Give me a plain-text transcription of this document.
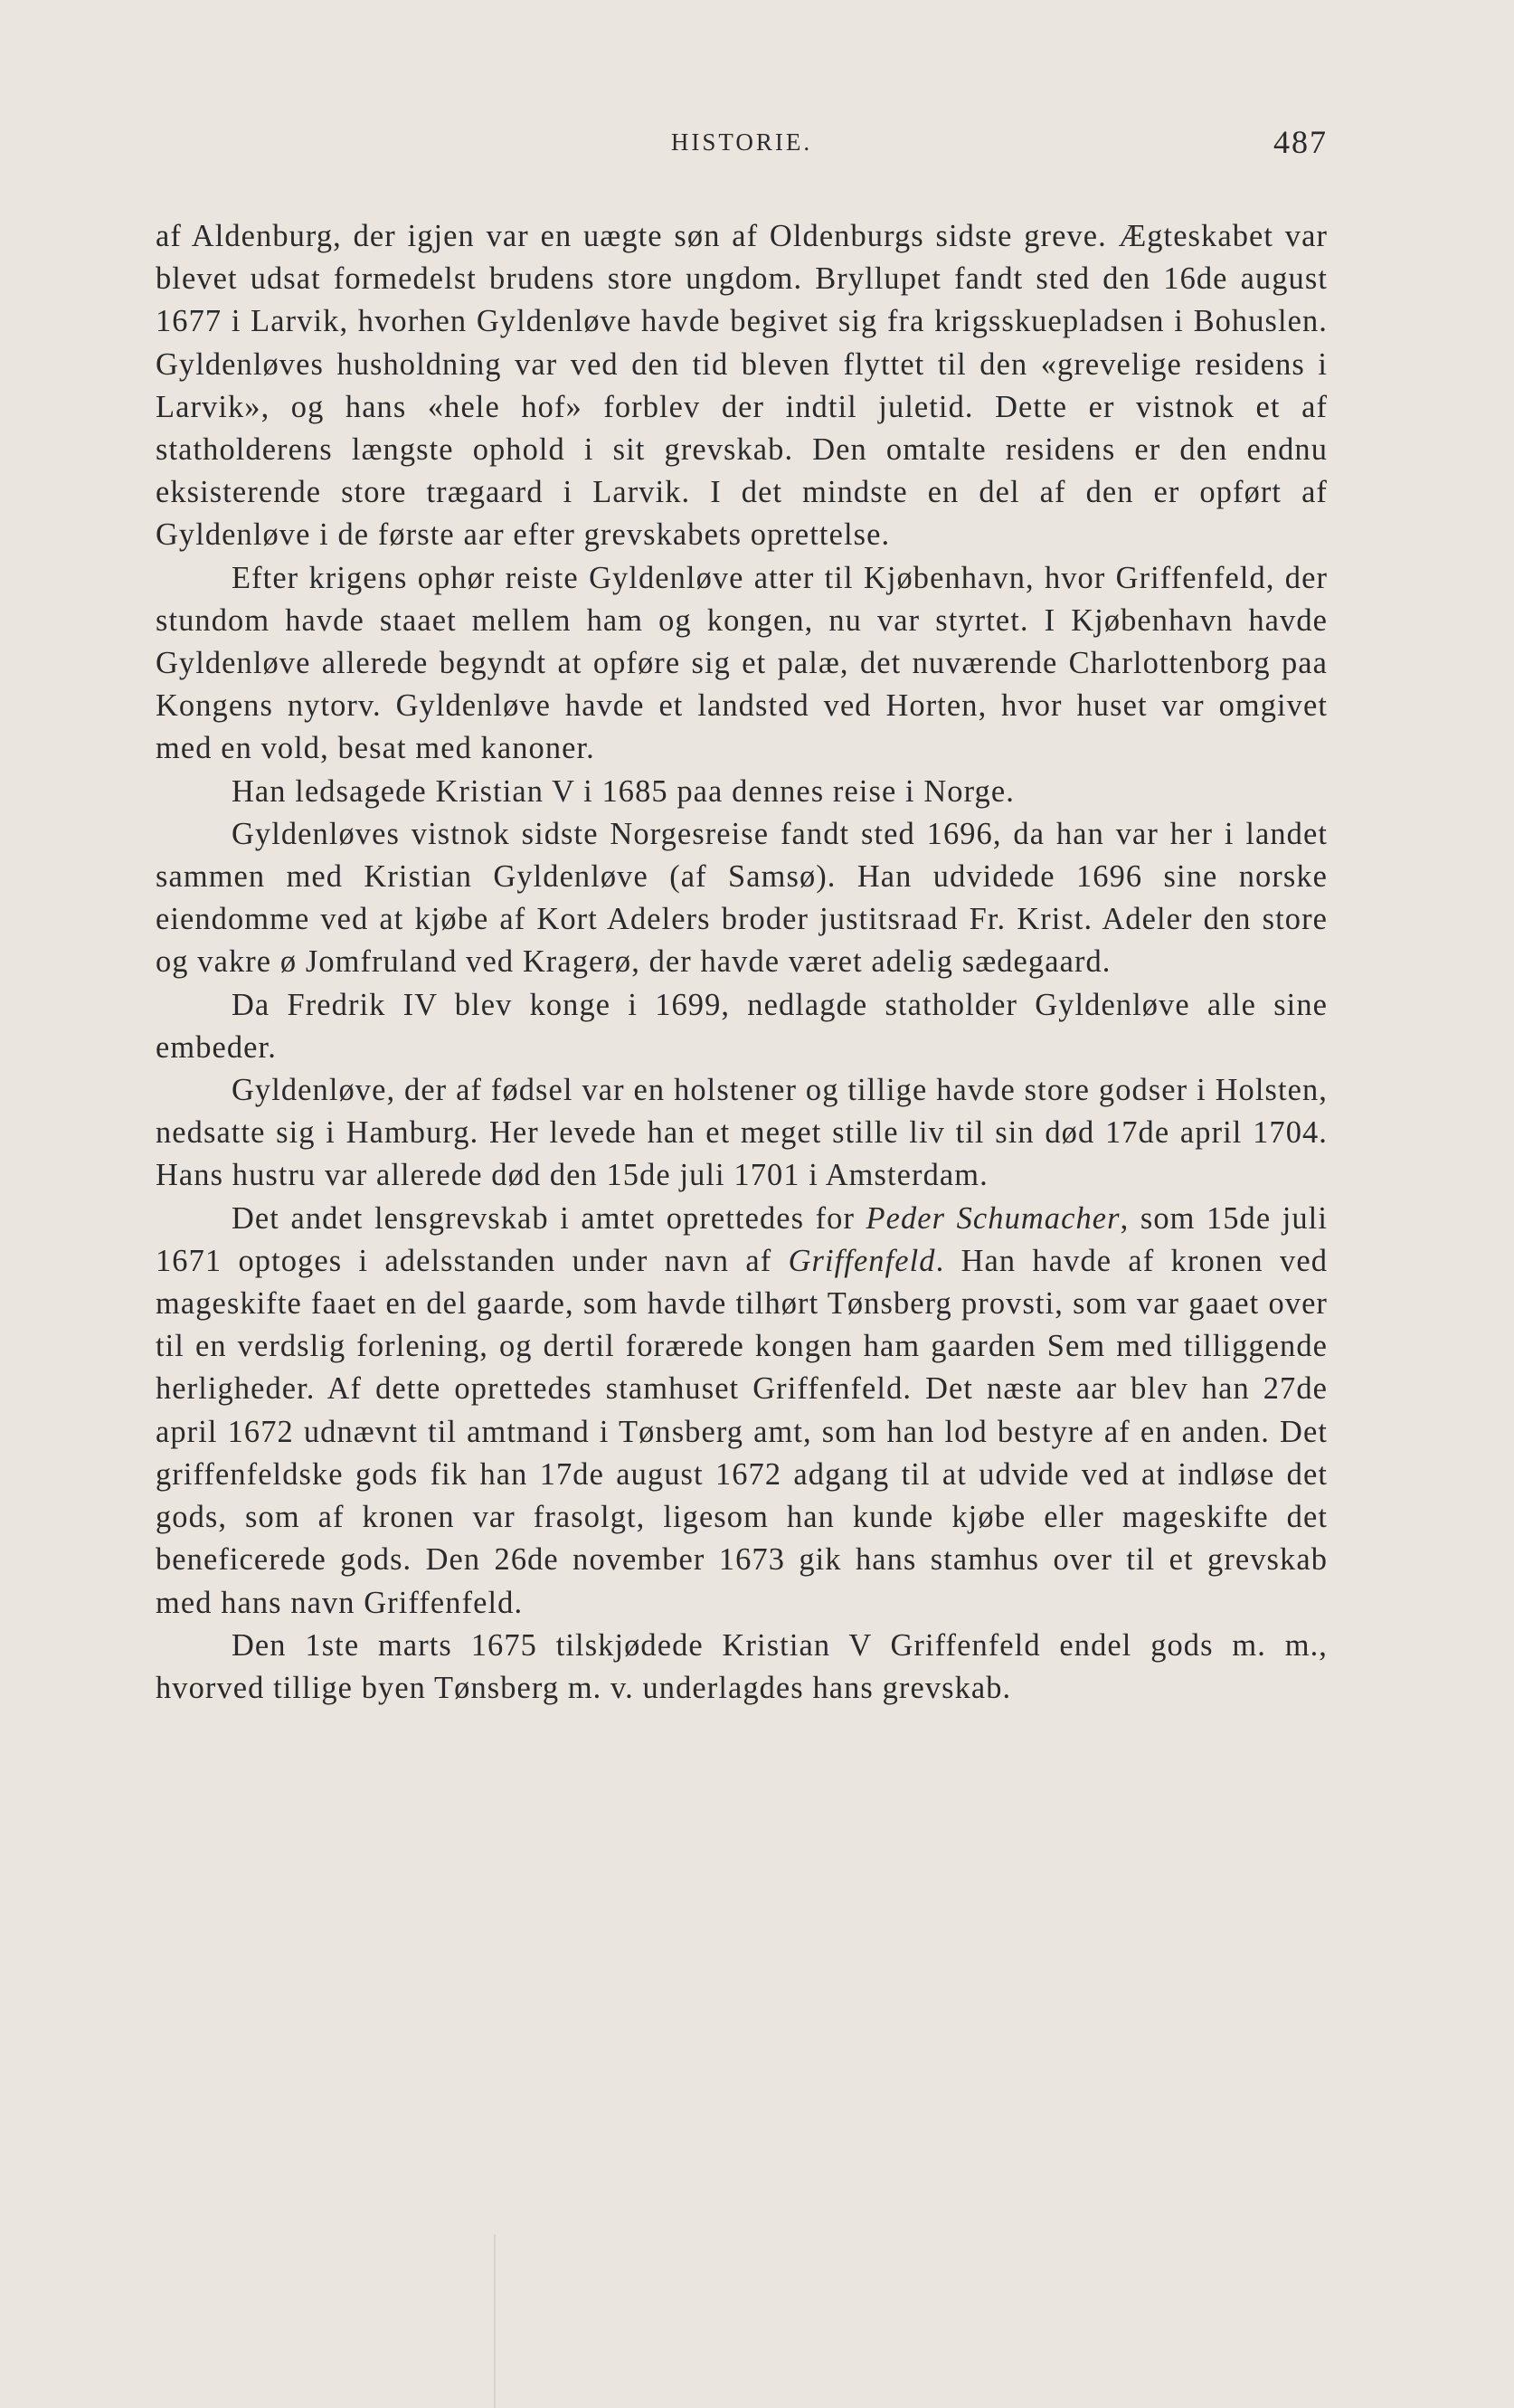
HISTORIE.	487

af Aldenburg, der igjen var en uægte søn af Oldenburgs sidste greve. Ægteskabet var blevet udsat formedelst brudens store ungdom. Bryllupet fandt sted den 16de august 1677 i Larvik, hvorhen Gyldenløve havde begivet sig fra krigsskuepladsen i Bohuslen. Gyldenløves husholdning var ved den tid bleven flyttet til den «grevelige residens i Larvik», og hans «hele hof» forblev der indtil juletid. Dette er vistnok et af statholderens længste ophold i sit grevskab. Den omtalte residens er den endnu eksisterende store trægaard i Larvik. I det mindste en del af den er opført af Gyldenløve i de første aar efter grevskabets oprettelse.

Efter krigens ophør reiste Gyldenløve atter til Kjøbenhavn, hvor Griffenfeld, der stundom havde staaet mellem ham og kongen, nu var styrtet. I Kjøbenhavn havde Gyldenløve allerede begyndt at opføre sig et palæ, det nuværende Charlottenborg paa Kongens nytorv. Gyldenløve havde et landsted ved Horten, hvor huset var omgivet med en vold, besat med kanoner.

Han ledsagede Kristian V i 1685 paa dennes reise i Norge.

Gyldenløves vistnok sidste Norgesreise fandt sted 1696, da han var her i landet sammen med Kristian Gyldenløve (af Samsø). Han udvidede 1696 sine norske eiendomme ved at kjøbe af Kort Adelers broder justitsraad Fr. Krist. Adeler den store og vakre ø Jomfruland ved Kragerø, der havde været adelig sædegaard.

Da Fredrik IV blev konge i 1699, nedlagde statholder Gyldenløve alle sine embeder.

Gyldenløve, der af fødsel var en holstener og tillige havde store godser i Holsten, nedsatte sig i Hamburg. Her levede han et meget stille liv til sin død 17de april 1704. Hans hustru var allerede død den 15de juli 1701 i Amsterdam.

Det andet lensgrevskab i amtet oprettedes for Peder Schumacher, som 15de juli 1671 optoges i adelsstanden under navn af Griffenfeld. Han havde af kronen ved mageskifte faaet en del gaarde, som havde tilhørt Tønsberg provsti, som var gaaet over til en verdslig forlening, og dertil forærede kongen ham gaarden Sem med tilliggende herligheder. Af dette oprettedes stamhuset Griffenfeld. Det næste aar blev han 27de april 1672 udnævnt til amtmand i Tønsberg amt, som han lod bestyre af en anden. Det griffenfeldske gods fik han 17de august 1672 adgang til at udvide ved at indløse det gods, som af kronen var frasolgt, ligesom han kunde kjøbe eller mageskifte det beneficerede gods. Den 26de november 1673 gik hans stamhus over til et grevskab med hans navn Griffenfeld.

Den 1ste marts 1675 tilskjødede Kristian V Griffenfeld endel gods m. m., hvorved tillige byen Tønsberg m. v. underlagdes hans grevskab.
